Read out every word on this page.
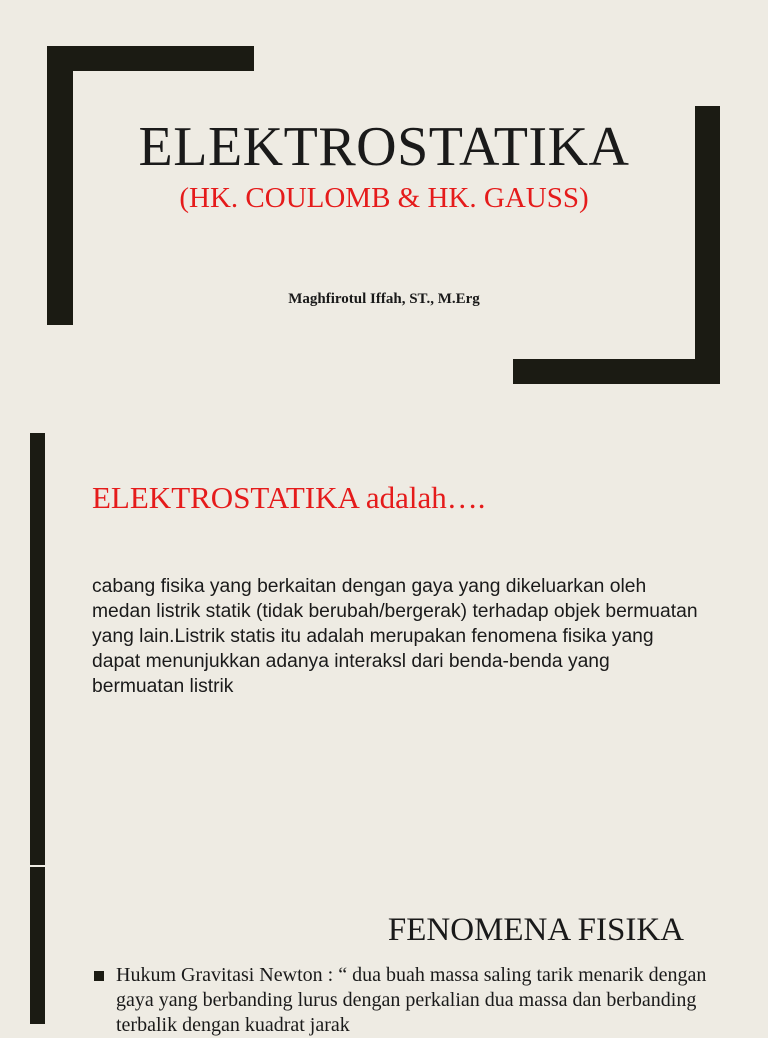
ELEKTROSTATIKA
(HK. COULOMB & HK. GAUSS)
Maghfirotul Iffah, ST., M.Erg
ELEKTROSTATIKA adalah….
cabang fisika yang berkaitan dengan gaya yang dikeluarkan oleh medan listrik statik (tidak berubah/bergerak) terhadap objek bermuatan yang lain.Listrik statis itu adalah merupakan fenomena fisika yang dapat menunjukkan adanya interaksl dari benda-benda yang bermuatan listrik
FENOMENA FISIKA
Hukum Gravitasi Newton : “ dua buah massa saling tarik menarik dengan gaya yang berbanding lurus dengan perkalian dua massa dan berbanding terbalik dengan kuadrat jarak
